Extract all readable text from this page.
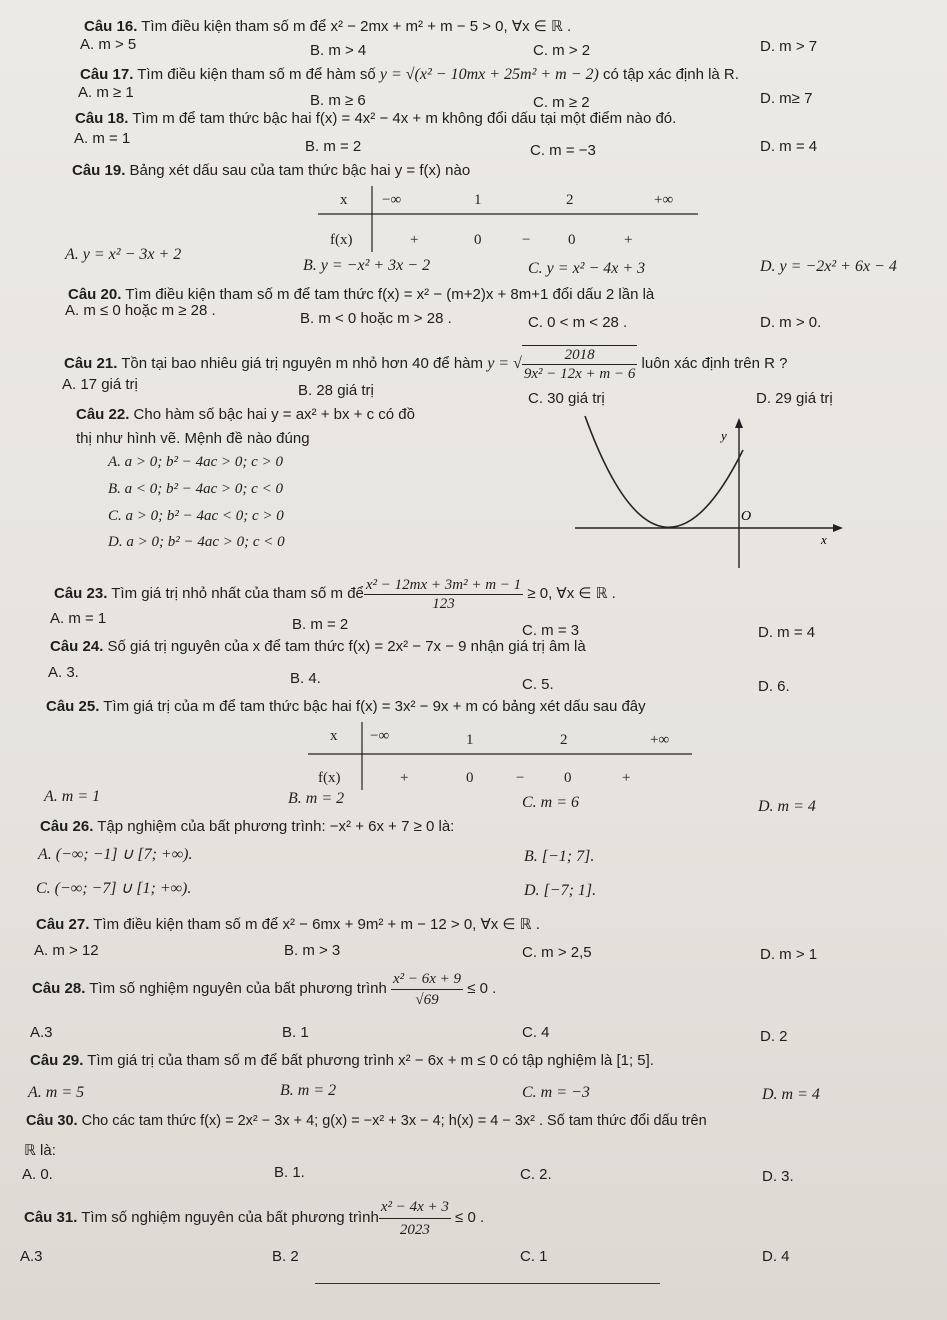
Câu 16. Tìm điều kiện tham số m để x² − 2mx + m² + m − 5 > 0, ∀x ∈ ℝ .
A. m > 5	B. m > 4	C. m > 2	D. m > 7
Câu 17. Tìm điều kiện tham số m để hàm số y = √(x² − 10mx + 25m² + m − 2) có tập xác định là R.
A. m ≥ 1	B. m ≥ 6	C. m ≥ 2	D. m≥ 7
Câu 18. Tìm m để tam thức bậc hai f(x) = 4x² − 4x + m không đổi dấu tại một điểm nào đó.
A. m = 1	B. m = 2	C. m = −3	D. m = 4
Câu 19. Bảng xét dấu sau của tam thức bậc hai y = f(x) nào
x −∞	1	2	+∞
f(x)	+	0	−	0	+
A. y = x² − 3x + 2
B. y = −x² + 3x − 2	C. y = x² − 4x + 3	D. y = −2x² + 6x − 4
Câu 20. Tìm điều kiện tham số m để tam thức f(x) = x² − (m+2)x + 8m+1 đổi dấu 2 lần là
A. m ≤ 0 hoặc m ≥ 28 .	B. m < 0 hoặc m > 28 .	C. 0 < m < 28 .	D. m > 0.
Câu 21. Tồn tại bao nhiêu giá trị nguyên m nhỏ hơn 40 để hàm y = √ $\frac{2018}{\text{9x² − 12x + m − 6}}$ luôn xác định trên R ?
A. 17 giá trị	B. 28 giá trị	C. 30 giá trị	D. 29 giá trị
Câu 22. Cho hàm số bậc hai y = ax² + bx + c có đồ
thị như hình vẽ. Mệnh đề nào đúng
A. a > 0; b² − 4ac > 0; c > 0
B. a < 0; b² − 4ac > 0; c < 0
C. a > 0; b² − 4ac < 0; c > 0
D. a > 0; b² − 4ac > 0; c < 0
y
x
O
Câu 23. Tìm giá trị nhỏ nhất của tham số m để $\frac{\text{x² − 12mx + 3m² + m − 1}}{123} \ge 0$, ∀x ∈ ℝ .
A. m = 1	B. m = 2	C. m = 3	D. m = 4
Câu 24. Số giá trị nguyên của x để tam thức f(x) = 2x² − 7x − 9 nhận giá trị âm là
A. 3.	B. 4.	C. 5.	D. 6.
Câu 25. Tìm giá trị của m để tam thức bậc hai f(x) = 3x² − 9x + m có bảng xét dấu sau đây
x −∞	1	2	+∞
f(x)	+	0	−	0	+
A. m = 1	B. m = 2	C. m = 6	D. m = 4
Câu 26. Tập nghiệm của bất phương trình: −x² + 6x + 7 ≥ 0 là:
A. (−∞; −1] ∪ [7; +∞).	B. [−1; 7].
C. (−∞; −7] ∪ [1; +∞).	D. [−7; 1].
Câu 27. Tìm điều kiện tham số m để x² − 6mx + 9m² + m − 12 > 0, ∀x ∈ ℝ .
A. m > 12	B. m > 3	C. m > 2,5	D. m > 1
Câu 28. Tìm số nghiệm nguyên của bất phương trình $\frac{\text{x² − 6x + 9}}{√69} \le 0$ .
A.3	B. 1	C. 4	D. 2
Câu 29. Tìm giá trị của tham số m để bất phương trình x² − 6x + m ≤ 0 có tập nghiệm là [1; 5].
A. m = 5	B. m = 2	C. m = −3	D. m = 4
Câu 30. Cho các tam thức f(x) = 2x² − 3x + 4; g(x) = −x² + 3x − 4; h(x) = 4 − 3x² . Số tam thức đổi dấu trên
ℝ là:
A. 0.	B. 1.	C. 2.	D. 3.
Câu 31. Tìm số nghiệm nguyên của bất phương trình $\frac{\text{x² − 4x + 3}}{2023} \le 0$ .
A.3	B. 2	C. 1	D. 4
